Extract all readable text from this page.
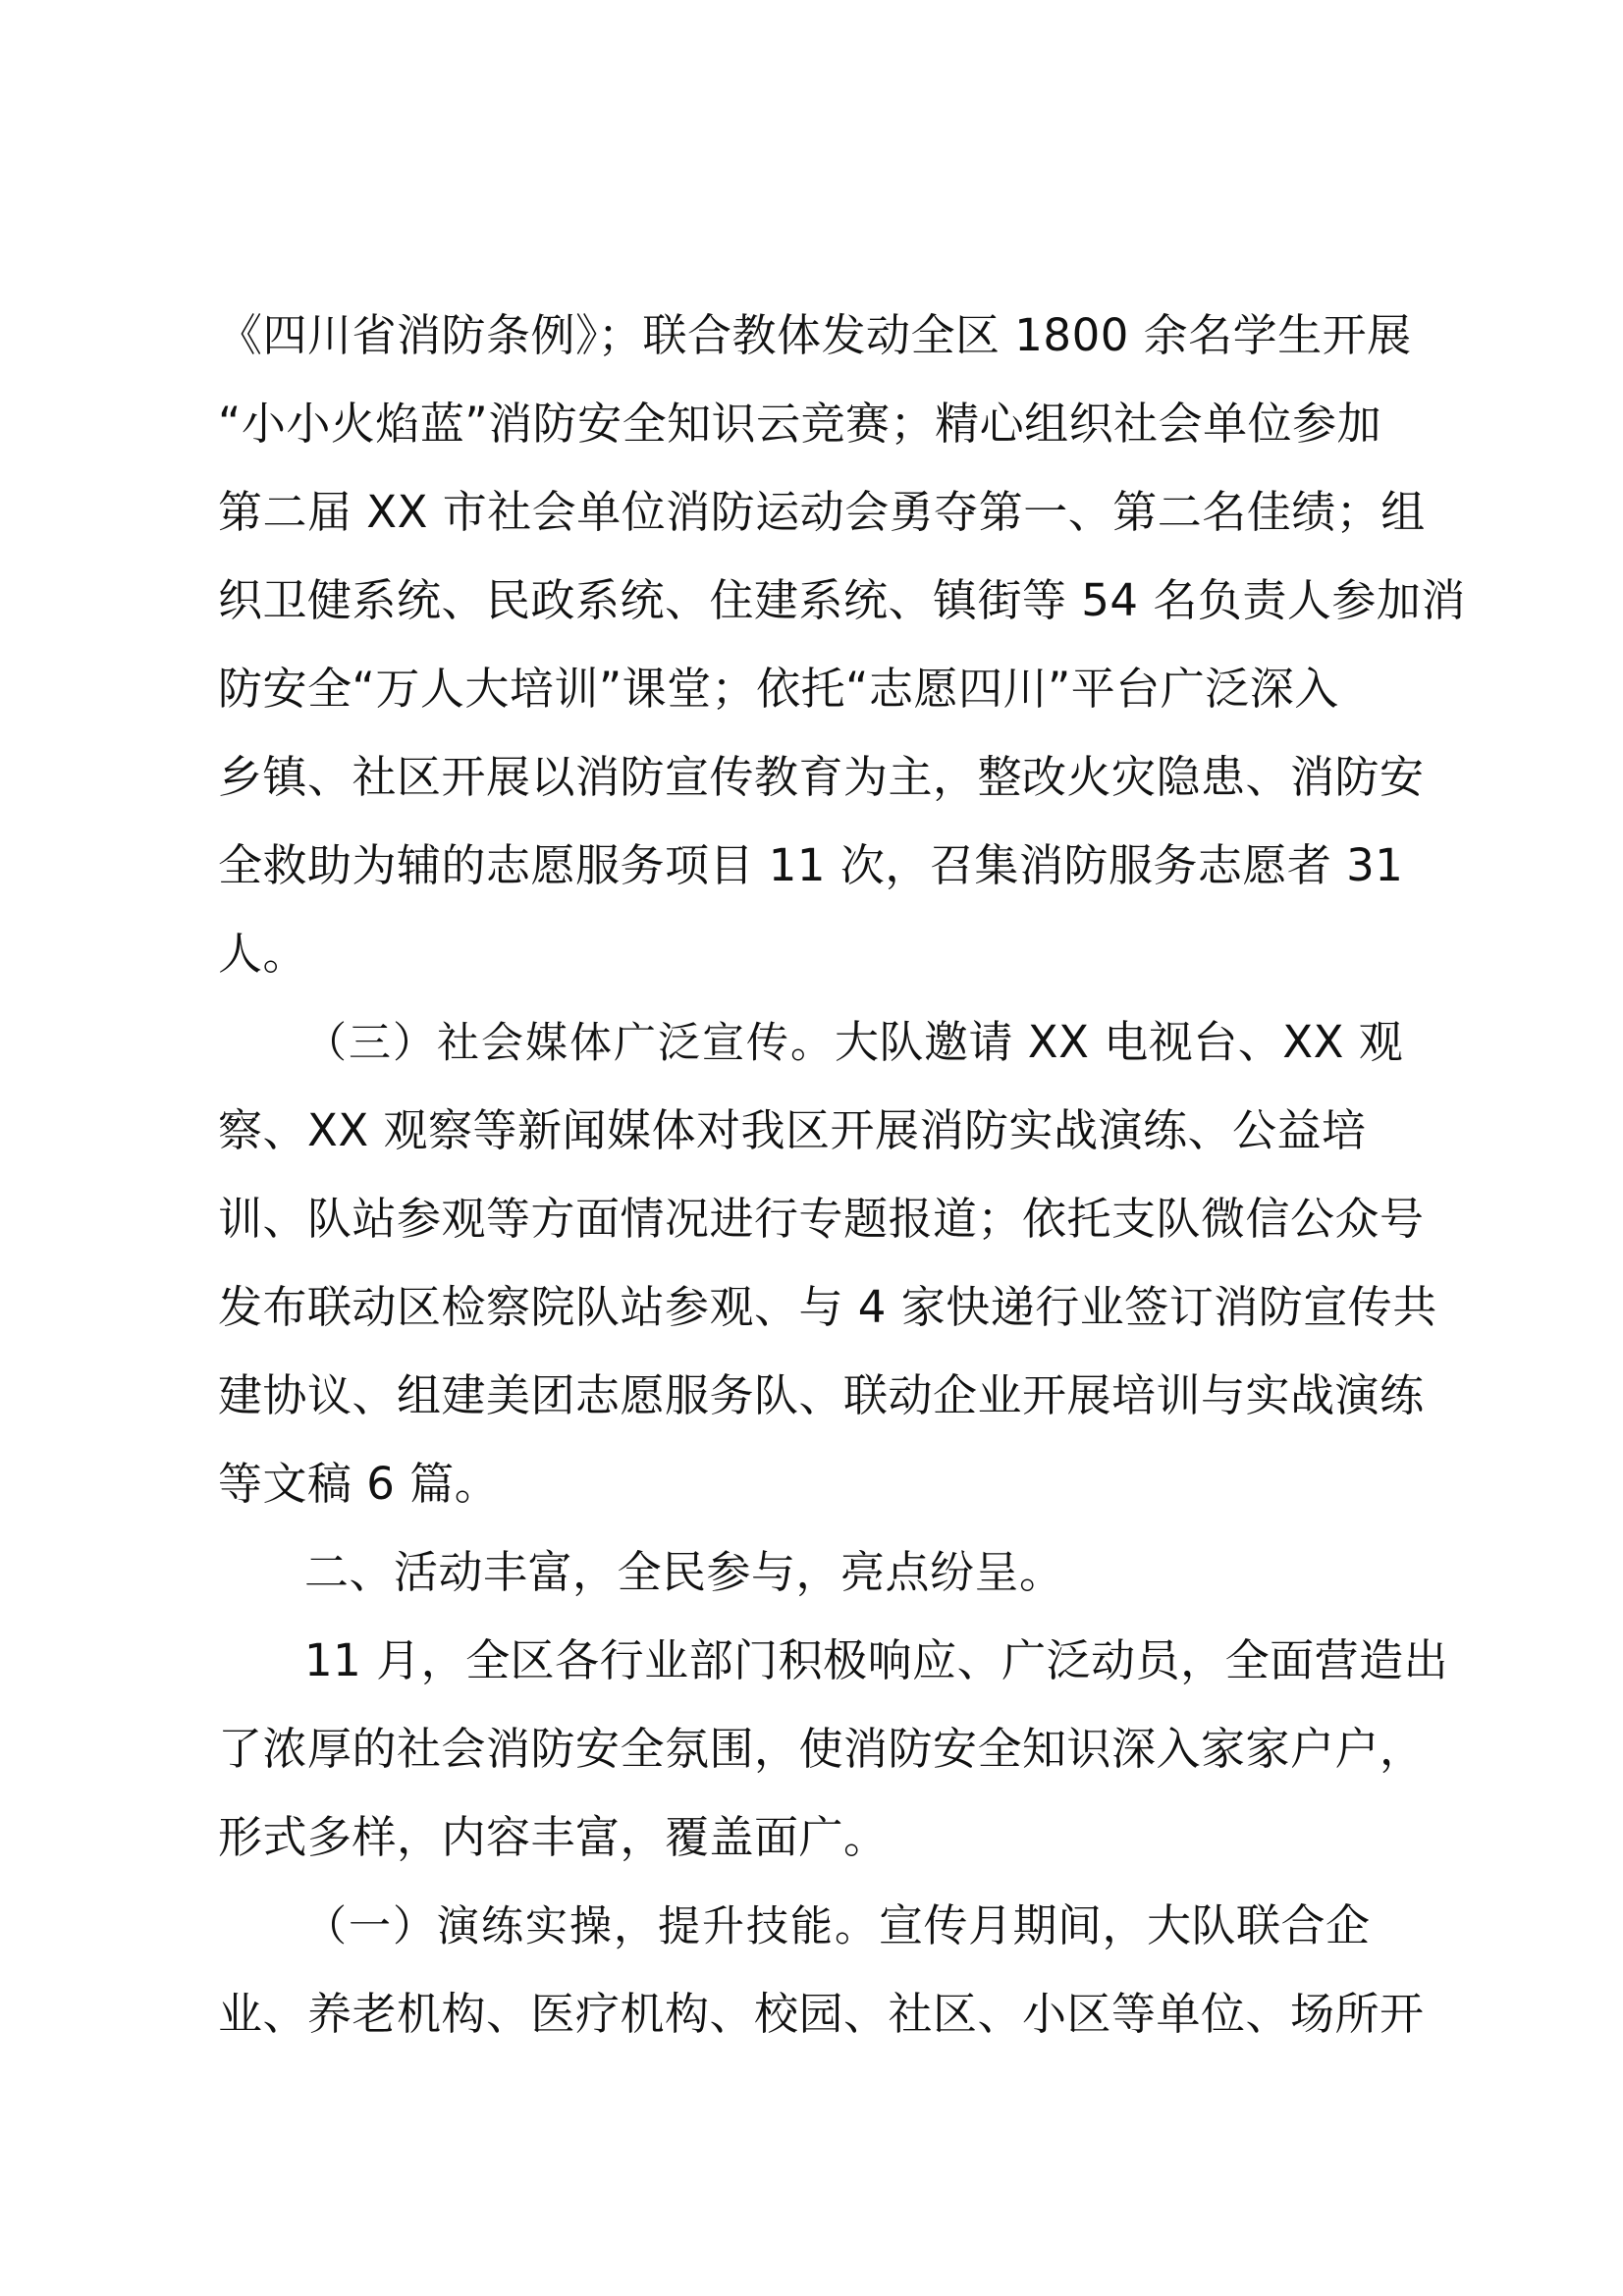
《四川省消防条例》；联合教体发动全区 1800 余名学生开展
“小小火焰蓝”消防安全知识云竞赛；精心组织社会单位参加
第二届 XX 市社会单位消防运动会勇夺第一、第二名佳绩；组
织卫健系统、民政系统、住建系统、镇街等 54 名负责人参加消
防安全“万人大培训”课堂；依托“志愿四川”平台广泛深入
乡镇、社区开展以消防宣传教育为主，整改火灾隐患、消防安
全救助为辅的志愿服务项目 11 次，召集消防服务志愿者 31
人。
（三）社会媒体广泛宣传。大队邀请 XX 电视台、XX 观
察、XX 观察等新闻媒体对我区开展消防实战演练、公益培
训、队站参观等方面情况进行专题报道；依托支队微信公众号
发布联动区检察院队站参观、与 4 家快递行业签订消防宣传共
建协议、组建美团志愿服务队、联动企业开展培训与实战演练
等文稿 6 篇。
二、活动丰富，全民参与，亮点纷呈。
11 月，全区各行业部门积极响应、广泛动员，全面营造出
了浓厚的社会消防安全氛围，使消防安全知识深入家家户户，
形式多样，内容丰富，覆盖面广。
（一）演练实操，提升技能。宣传月期间，大队联合企
业、养老机构、医疗机构、校园、社区、小区等单位、场所开
